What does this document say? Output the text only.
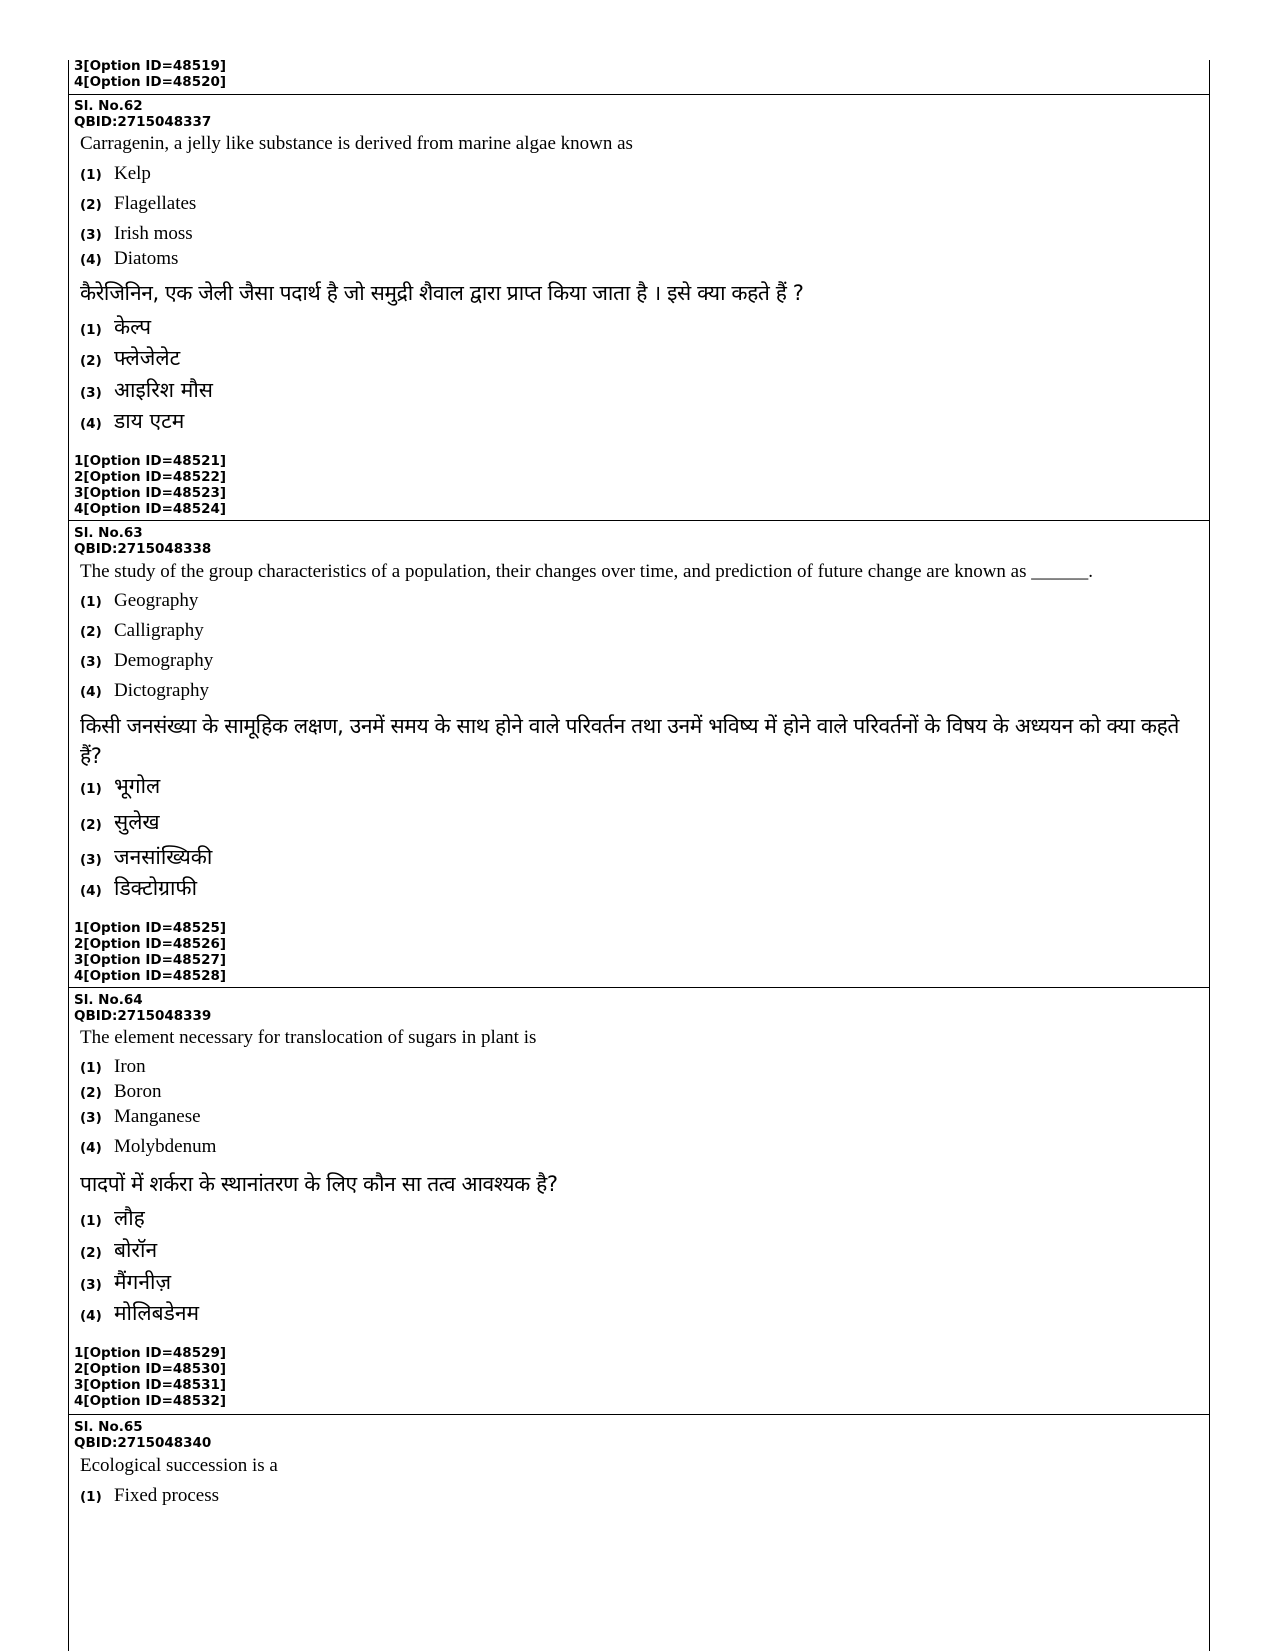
3[Option ID=48519]
4[Option ID=48520]
Sl. No.62
QBID:2715048337
Carragenin, a jelly like substance is derived from marine algae known as
(1) Kelp
(2) Flagellates
(3) Irish moss
(4) Diatoms
कैरेजिनिन, एक जेली जैसा पदार्थ है जो समुद्री शैवाल द्वारा प्राप्त किया जाता है । इसे क्या कहते हैं ?
(1) केल्प
(2) फ्लेजेलेट
(3) आइरिश मौस
(4) डाय एटम
1[Option ID=48521]
2[Option ID=48522]
3[Option ID=48523]
4[Option ID=48524]
Sl. No.63
QBID:2715048338
The study of the group characteristics of a population, their changes over time, and prediction of future change are known as ______.
(1) Geography
(2) Calligraphy
(3) Demography
(4) Dictography
किसी जनसंख्या के सामूहिक लक्षण, उनमें समय के साथ होने वाले परिवर्तन तथा उनमें भविष्य में होने वाले परिवर्तनों के विषय के अध्ययन को क्या कहते हैं?
(1) भूगोल
(2) सुलेख
(3) जनसांख्यिकी
(4) डिक्टोग्राफी
1[Option ID=48525]
2[Option ID=48526]
3[Option ID=48527]
4[Option ID=48528]
Sl. No.64
QBID:2715048339
The element necessary for translocation of sugars in plant is
(1) Iron
(2) Boron
(3) Manganese
(4) Molybdenum
पादपों में शर्करा के स्थानांतरण के लिए कौन सा तत्व आवश्यक है?
(1) लौह
(2) बोरॉन
(3) मैंगनीज़
(4) मोलिबडेनम
1[Option ID=48529]
2[Option ID=48530]
3[Option ID=48531]
4[Option ID=48532]
Sl. No.65
QBID:2715048340
Ecological succession is a
(1) Fixed process
